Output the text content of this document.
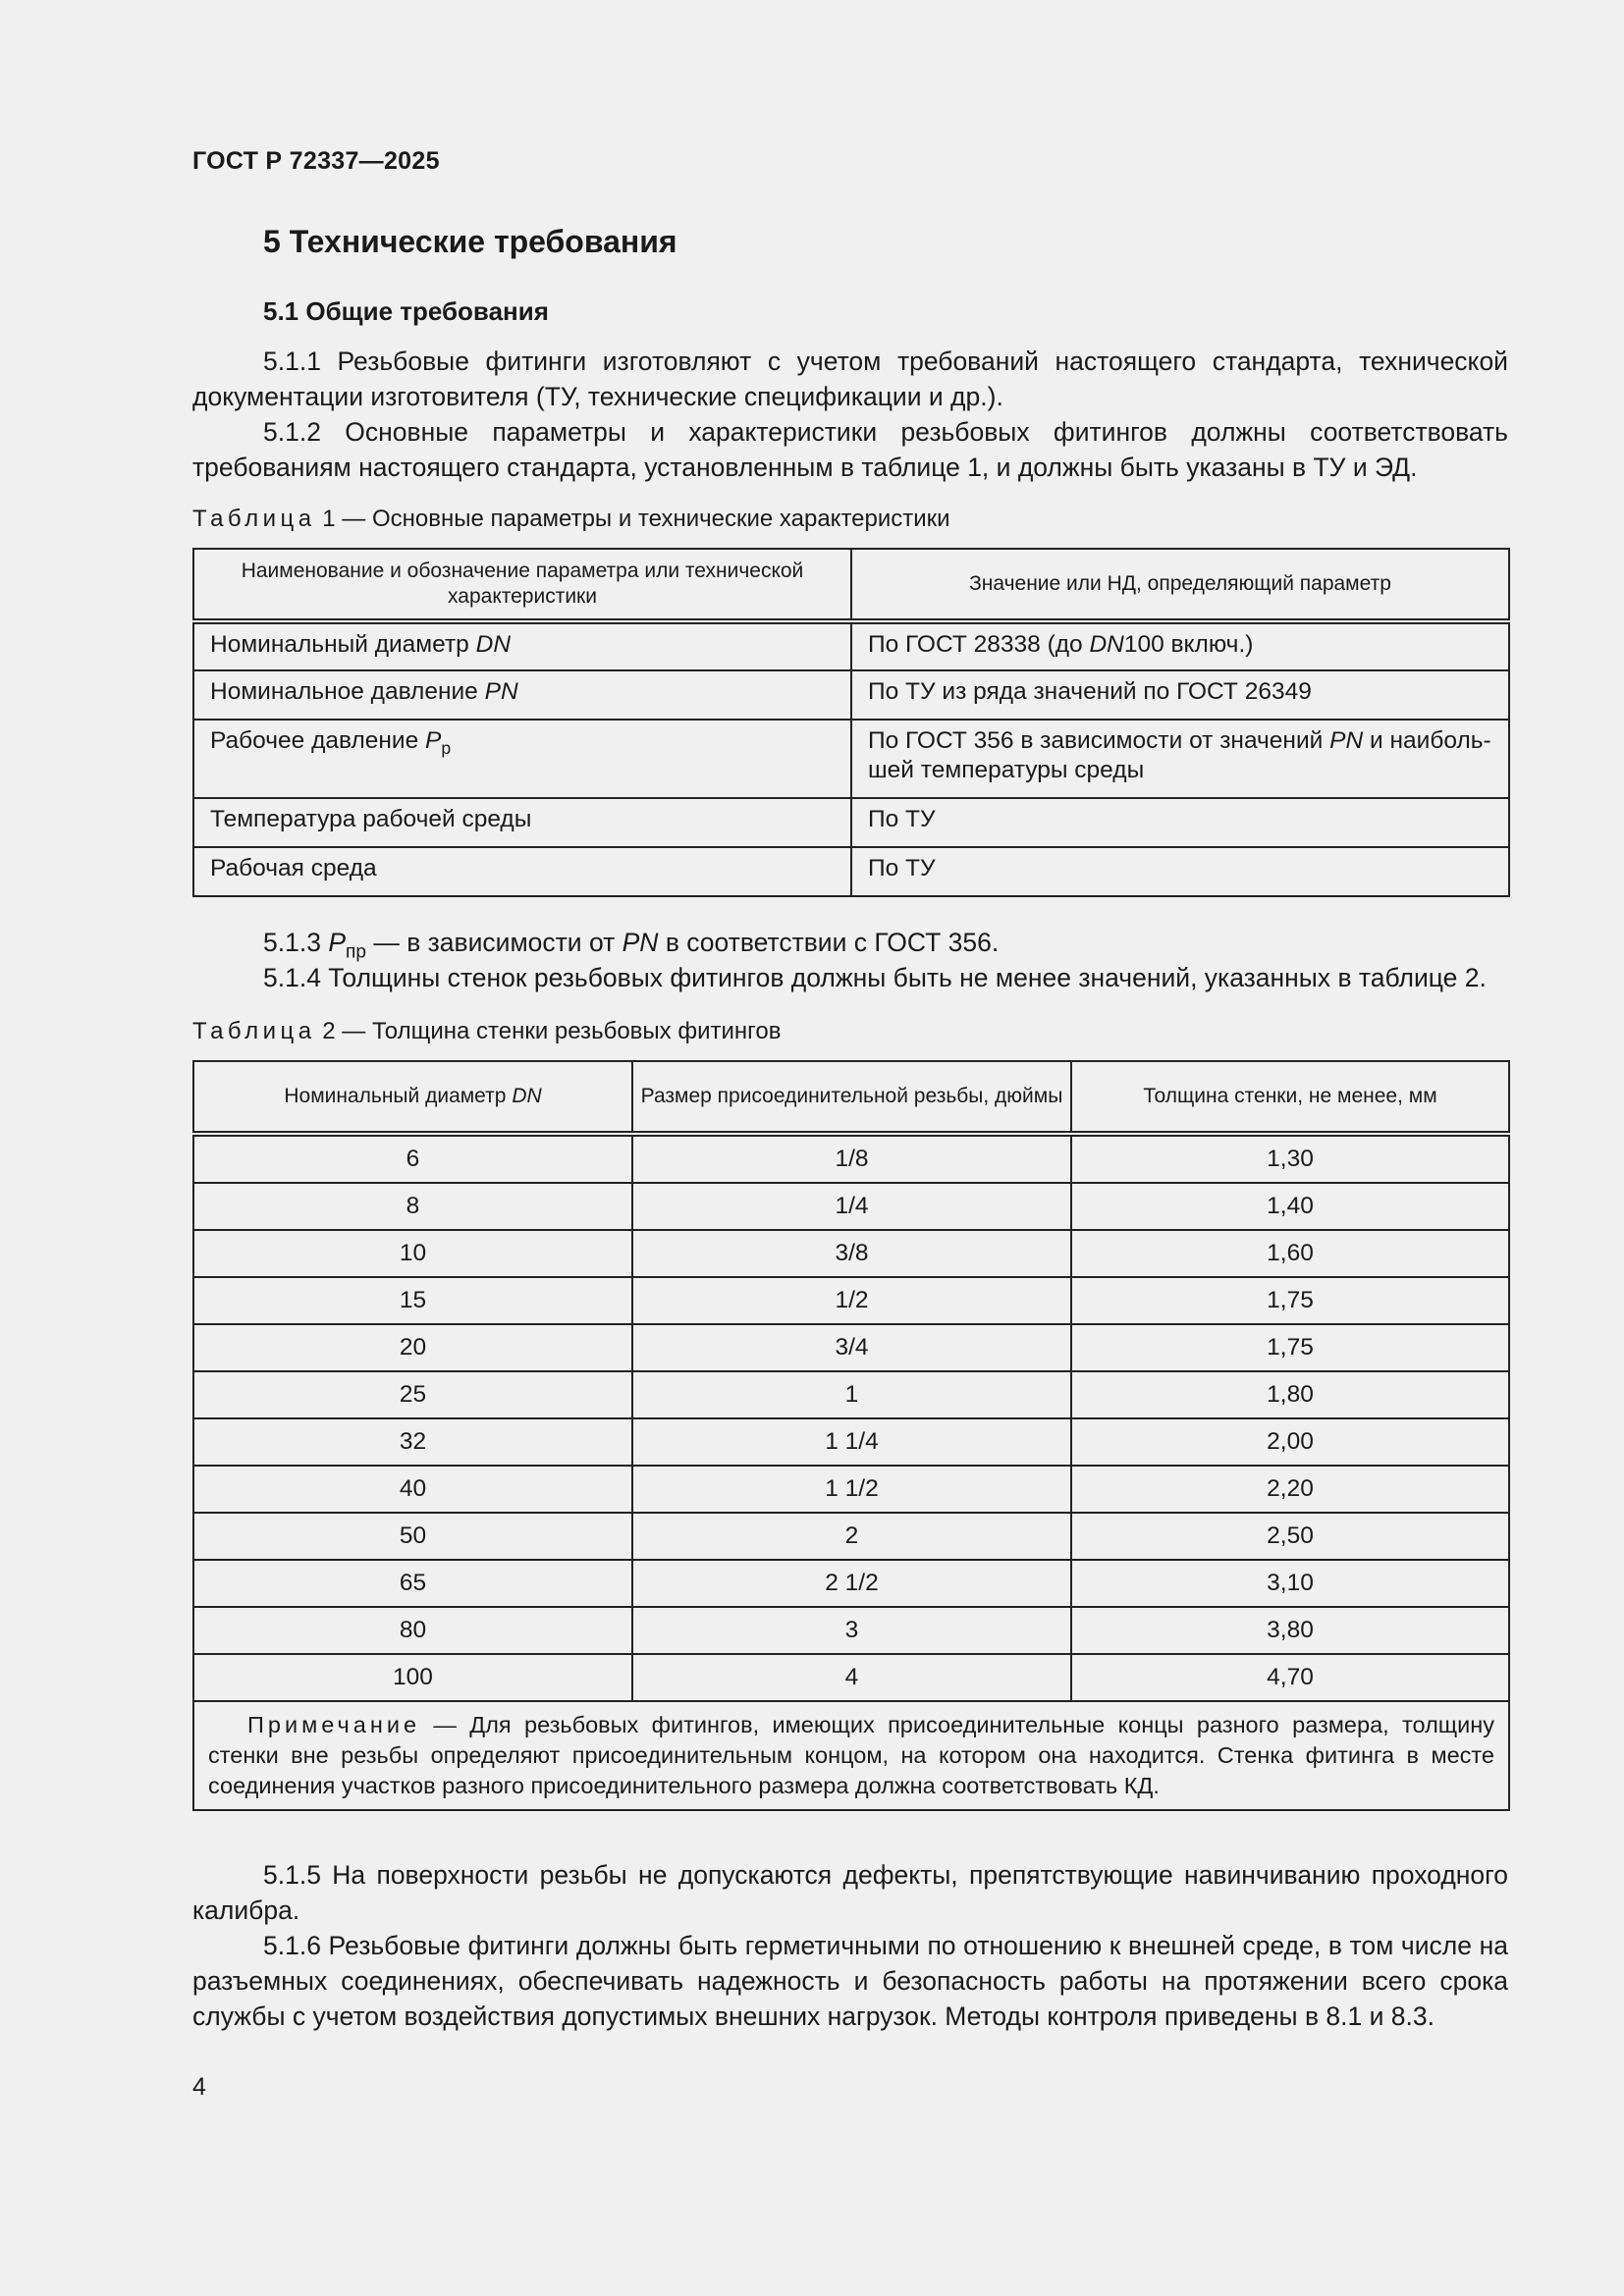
ГОСТ Р 72337—2025
5 Технические требования
5.1 Общие требования
5.1.1 Резьбовые фитинги изготовляют с учетом требований настоящего стандарта, технической документации изготовителя (ТУ, технические спецификации и др.).
5.1.2 Основные параметры и характеристики резьбовых фитингов должны соответствовать требованиям настоящего стандарта, установленным в таблице 1, и должны быть указаны в ТУ и ЭД.
Таблица 1 — Основные параметры и технические характеристики
Наименование и обозначение параметра или технической характеристики	Значение или НД, определяющий параметр
Номинальный диаметр DN	По ГОСТ 28338 (до DN100 включ.)
Номинальное давление PN	По ТУ из ряда значений по ГОСТ 26349
Рабочее давление $P_р$	По ГОСТ 356 в зависимости от значений PN и наиболь-шей температуры среды
Температура рабочей среды	По ТУ
Рабочая среда	По ТУ
5.1.3 $P_{пр}$ — в зависимости от PN в соответствии с ГОСТ 356.
5.1.4 Толщины стенок резьбовых фитингов должны быть не менее значений, указанных в таблице 2.
Таблица 2 — Толщина стенки резьбовых фитингов
Номинальный диаметр DN	Размер присоединительной резьбы, дюймы	Толщина стенки, не менее, мм
6	1/8	1,30
8	1/4	1,40
10	3/8	1,60
15	1/2	1,75
20	3/4	1,75
25	1	1,80
32	1 1/4	2,00
40	1 1/2	2,20
50	2	2,50
65	2 1/2	3,10
80	3	3,80
100	4	4,70
Примечание — Для резьбовых фитингов, имеющих присоединительные концы разного размера, толщину стенки вне резьбы определяют присоединительным концом, на котором она находится. Стенка фитинга в месте соединения участков разного присоединительного размера должна соответствовать КД.		
5.1.5 На поверхности резьбы не допускаются дефекты, препятствующие навинчиванию проходного калибра.
5.1.6 Резьбовые фитинги должны быть герметичными по отношению к внешней среде, в том числе на разъемных соединениях, обеспечивать надежность и безопасность работы на протяжении всего срока службы с учетом воздействия допустимых внешних нагрузок. Методы контроля приведены в 8.1 и 8.3.
4
